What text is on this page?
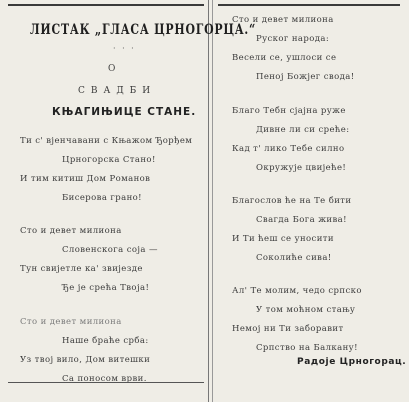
ЛИСТАК „ГЛАСА ЦРНОГОРЦА.“
· · ·
О
СВАДБИ
КЊАГИЊИЦЕ СТАНЕ.
Ти с' вјенчавани с Књажом Ђорђем
Црногорска Стано!
И тим китиш Дом Романов
Бисерова грано!
Сто и девет милиона
Словенскога соја —
Тун свијетле ка' звијезде
Ђе је срећа Твоја!
Сто и девет милиона
Наше браће срба:
Уз твој вило, Дом витешки
Са поносом врви.
Сто и девет милиона
Руског народа:
Весели се, ушлоси се
Пеној Божјег свода!
Благо Тебн сјајна руже
Дивне ли си среће:
Кад т' лико Тебе силно
Окружује цвијеће!
Благослов ће на Те бити
Свагда Бога жива!
И Ти ћеш се уносити
Соколиће сива!
Ал' Те молим, чедо српско
У том моћном стању
Немој ни Ти заборавит
Српство на Балкану!
Радоје Црногорац.
